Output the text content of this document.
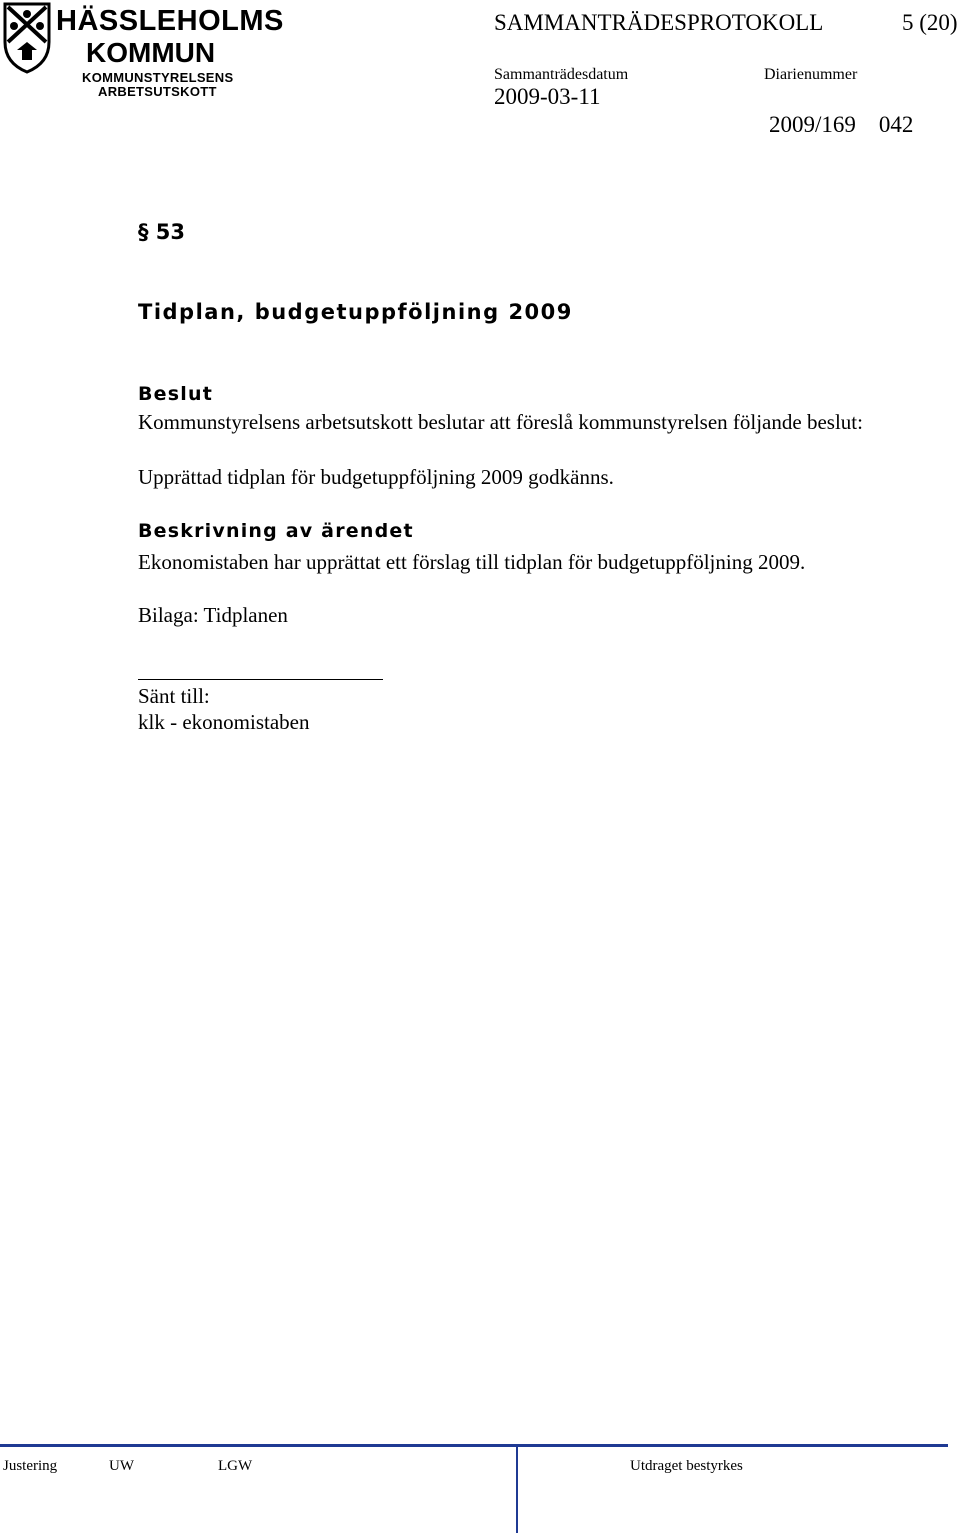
HÄSSLEHOLMS
KOMMUN
KOMMUNSTYRELSENS
ARBETSUTSKOTT
SAMMANTRÄDESPROTOKOLL	5 (20)
Sammanträdesdatum	Diarienummer
2009-03-11
2009/169    042
§ 53
Tidplan, budgetuppföljning 2009
Beslut
Kommunstyrelsens arbetsutskott beslutar att föreslå kommunstyrelsen följande beslut:
Upprättad tidplan för budgetuppföljning 2009 godkänns.
Beskrivning av ärendet
Ekonomistaben har upprättat ett förslag till tidplan för budgetuppföljning 2009.
Bilaga: Tidplanen
Sänt till:
klk - ekonomistaben
Justering	UW	LGW	Utdraget bestyrkes
